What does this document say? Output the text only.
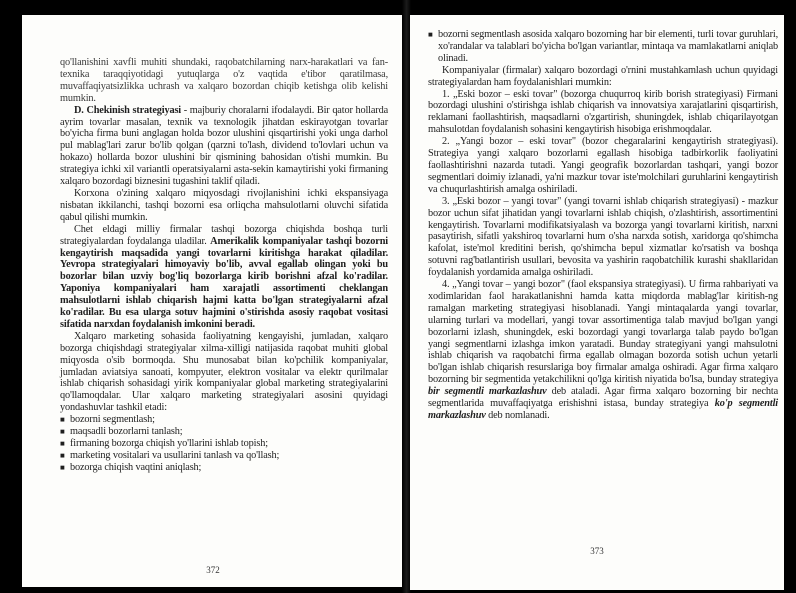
qo'llanishini xavfli muhiti shundaki, raqobatchilarning narx-harakatlari va fan-texnika taraqqiyotidagi yutuqlarga o'z vaqtida e'tibor qaratilmasa, muvaffaqiyatsizlikka uchrash va xalqaro bozordan chiqib ketishga olib kelishi mumkin.

D. Chekinish strategiyasi - majburiy choralarni ifodalaydi. Bir qator hollarda ayrim tovarlar masalan, texnik va texnologik jihatdan eskirayotgan tovarlar bo'yicha firma buni anglagan holda bozor ulushini qisqartirishi yoki unga darhol pul mablag'lari zarur bo'lib qolgan (qarzni to'lash, dividend to'lovlari uchun va hokazo) hollarda bozor ulushini bir qismining bahosidan o'tishi mumkin. Bu strategiya ichki xil variantli operatsiyalarni asta-sekin kamaytirishi yoki firmaning xalqaro bozordagi biznesini tugashini taklif qiladi.

Korxona o'zining xalqaro miqyosdagi rivojlanishini ichki ekspansiyaga nisbatan ikkilanchi, tashqi bozorni esa orliqcha mahsulotlarni oluvchi sifatida qabul qilishi mumkin.

Chet eldagi milliy firmalar tashqi bozorga chiqishda boshqa turli strategiyalardan foydalanga uladilar. Amerikalik kompaniyalar tashqi bozorni kengaytirish maqsadida yangi tovarlarni kiritishga harakat qiladilar. Yevropa strategiyalari himoyaviy bo'lib, avval egallab olingan yoki bu bozorlar bilan uzviy bog'liq bozorlarga kirib borishni afzal ko'radilar. Yaponiya kompaniyalari ham xarajatli assortimenti cheklangan mahsulotlarni ishlab chiqarish hajmi katta bo'lgan strategiyalarni afzal ko'radilar. Bu esa ularga sotuv hajmini o'stirishda asosiy raqobat vositasi sifatida narxdan foydalanish imkonini beradi.

Xalqaro marketing sohasida faoliyatning kengayishi, jumladan, xalqaro bozorga chiqishdagi strategiyalar xilma-xilligi natijasida raqobat muhiti global miqyosda o'sib bormoqda. Shu munosabat bilan ko'pchilik kompaniyalar, jumladan aviatsiya sanoati, kompyuter, elektron vositalar va elektr qurilmalar ishlab chiqarish sohasidagi yirik kompaniyalar global marketing strategiyalarini qo'llamoqdalar. Ular xalqaro marketing strategiyalari asosini quyidagi yondashuvlar tashkil etadi:

■ bozorni segmentlash;
■ maqsadli bozorlarni tanlash;
■ firmaning bozorga chiqish yo'llarini ishlab topish;
■ marketing vositalari va usullarini tanlash va qo'llash;
■ bozorga chiqish vaqtini aniqlash;
372
■ bozorni segmentlash asosida xalqaro bozorning har bir elementi, turli tovar guruhlari, xo'randalar va talablari bo'yicha bo'lgan variantlar, mintaqa va mamlakatlarni aniqlab olinadi.

Kompaniyalar (firmalar) xalqaro bozordagi o'rnini mustahkamlash uchun quyidagi strategiyalardan ham foydalanishlari mumkin:

1. „Eski bozor – eski tovar" (bozorga chuqurroq kirib borish strategiyasi) Firmani bozordagi ulushini o'stirishga ishlab chiqarish va innovatsiya xarajatlarini qisqartirish, reklamani faollashtirish, maqsadlarni o'zgartirish, shuningdek, ishlab chiqarilayotgan mahsulotdan foydalanish sohasini kengaytirish hisobiga erishmoqdalar.

2. „Yangi bozor – eski tovar" (bozor chegaralarini kengaytirish strategiyasi). Strategiya yangi xalqaro bozorlarni egallash hisobiga tadbirkorlik faoliyatini faollashtirishni nazarda tutadi. Yangi geografik bozorlardan tashqari, yangi bozor segmentlari doimiy izlanadi, ya'ni mazkur tovar iste'molchilari guruhlarini kengaytirish va chuqurlashtirish amalga oshiriladi.

3. „Eski bozor – yangi tovar" (yangi tovarni ishlab chiqarish strategiyasi) - mazkur bozor uchun sifat jihatidan yangi tovarlarni ishlab chiqish, o'zlashtirish, assortimentini kengaytirish. Tovarlarni modifikatsiyalash va bozorga yangi tovarlarni kiritish, narxni pasaytirish, sifatli yakshiroq tovarlarni hum o'sha narxda sotish, xaridorga qo'shimcha kafolat, iste'mol kreditini berish, qo'shimcha bepul xizmatlar ko'rsatish va boshqa sotuvni rag'batlantirish usullari, bevosita va yashirin raqobatchilik kurashi shakllaridan foydalanish yordamida amalga oshiriladi.

4. „Yangi tovar – yangi bozor" (faol ekspansiya strategiyasi). U firma rahbariyati va xodimlaridan faol harakatlanishni hamda katta miqdorda mablag'lar kiritish-ng ramalgan marketing strategiyasi hisoblanadi. Yangi mintaqalarda yangi tovarlar, ularning turlari va modellari, yangi tovar assortimentiga talab mavjud bo'lgan yangi bozorlarni izlash, shuningdek, eski bozordagi yangi tovarlarga talab paydo bo'lgan yangi segmentlarni izlashga imkon yaratadi. Bunday strategiyani yangi mahsulotni ishlab chiqarish va raqobatchi firma egallab olmagan bozorda sotish uchun yetarli bo'lgan ishlab chiqarish resurslariga boy firmalar amalga oshiradi. Agar firma xalqaro bozorning bir segmentida yetakchilikni qo'lga kiritish niyatida bo'lsa, bunday strategiya bir segmentli markazlashuv deb ataladi. Agar firma xalqaro bozorning bir nechta segmentlarida muvaffaqiyatga erishishni istasa, bunday strategiya ko'p segmentli markazlashuv deb nomlanadi.

373
